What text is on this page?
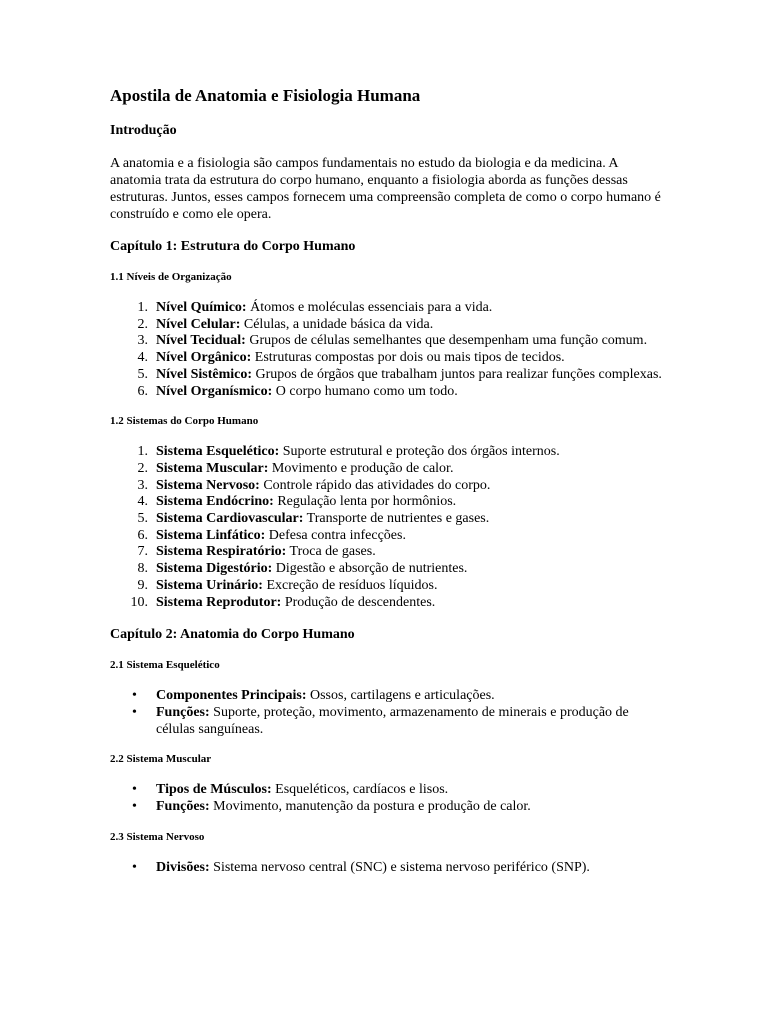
Apostila de Anatomia e Fisiologia Humana
Introdução

A anatomia e a fisiologia são campos fundamentais no estudo da biologia e da medicina. A anatomia trata da estrutura do corpo humano, enquanto a fisiologia aborda as funções dessas estruturas. Juntos, esses campos fornecem uma compreensão completa de como o corpo humano é construído e como ele opera.

Capítulo 1: Estrutura do Corpo Humano
1.1 Níveis de Organização
1. Nível Químico: Átomos e moléculas essenciais para a vida.
2. Nível Celular: Células, a unidade básica da vida.
3. Nível Tecidual: Grupos de células semelhantes que desempenham uma função comum.
4. Nível Orgânico: Estruturas compostas por dois ou mais tipos de tecidos.
5. Nível Sistêmico: Grupos de órgãos que trabalham juntos para realizar funções complexas.
6. Nível Organísmico: O corpo humano como um todo.
1.2 Sistemas do Corpo Humano
1. Sistema Esquelético: Suporte estrutural e proteção dos órgãos internos.
2. Sistema Muscular: Movimento e produção de calor.
3. Sistema Nervoso: Controle rápido das atividades do corpo.
4. Sistema Endócrino: Regulação lenta por hormônios.
5. Sistema Cardiovascular: Transporte de nutrientes e gases.
6. Sistema Linfático: Defesa contra infecções.
7. Sistema Respiratório: Troca de gases.
8. Sistema Digestório: Digestão e absorção de nutrientes.
9. Sistema Urinário: Excreção de resíduos líquidos.
10. Sistema Reprodutor: Produção de descendentes.
Capítulo 2: Anatomia do Corpo Humano
2.1 Sistema Esquelético
•	Componentes Principais: Ossos, cartilagens e articulações.
•	Funções: Suporte, proteção, movimento, armazenamento de minerais e produção de células sanguíneas.
2.2 Sistema Muscular
•	Tipos de Músculos: Esqueléticos, cardíacos e lisos.
•	Funções: Movimento, manutenção da postura e produção de calor.
2.3 Sistema Nervoso
•	Divisões: Sistema nervoso central (SNC) e sistema nervoso periférico (SNP).
